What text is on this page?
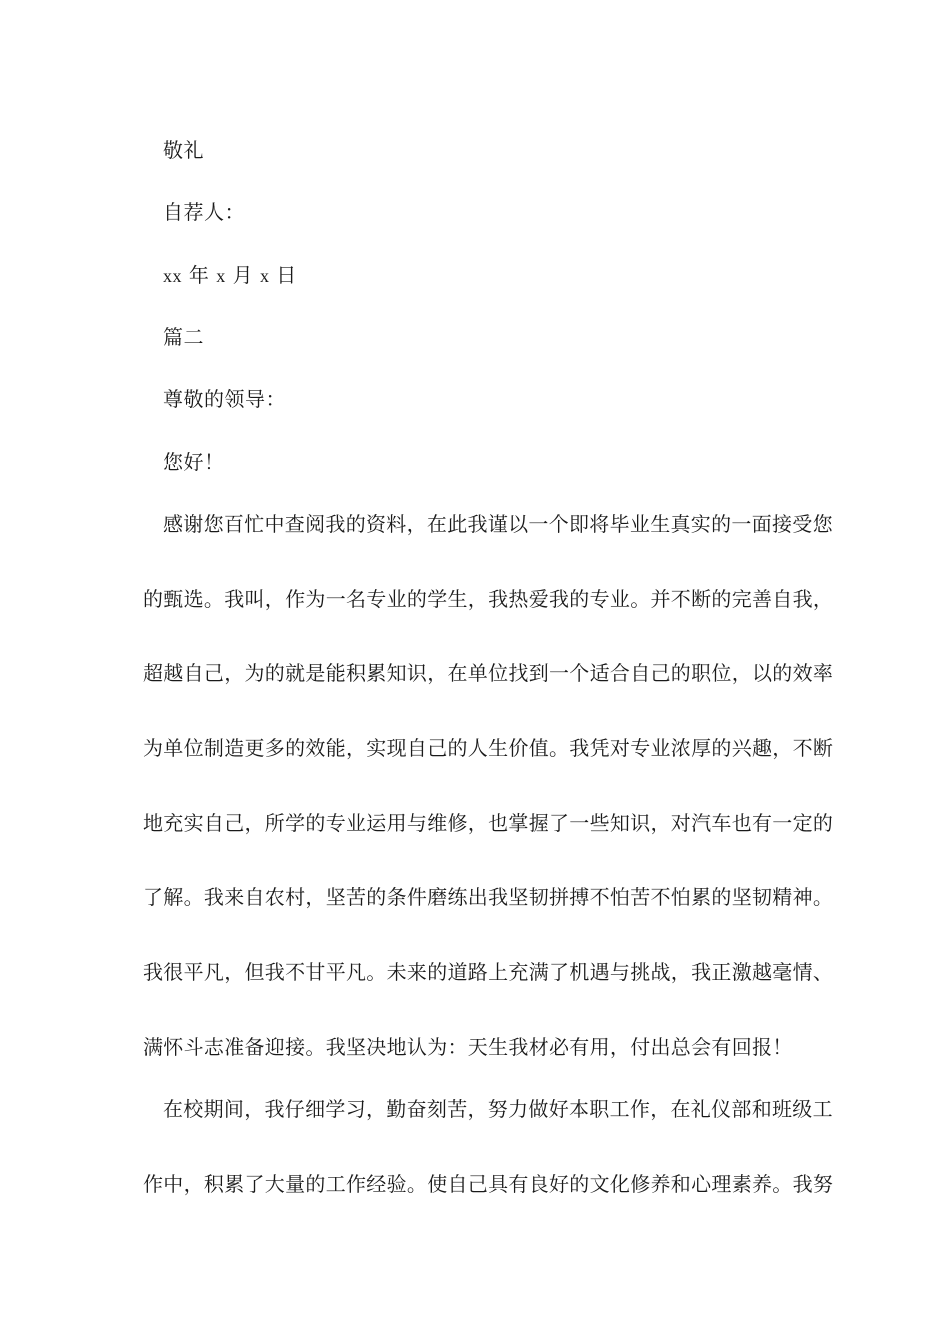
敬礼
自荐人：
xx 年 x 月 x 日
篇二
尊敬的领导：
您好！
感谢您百忙中查阅我的资料，在此我谨以一个即将毕业生真实的一面接受您
的甄选。我叫，作为一名专业的学生，我热爱我的专业。并不断的完善自我，
超越自己，为的就是能积累知识，在单位找到一个适合自己的职位，以的效率
为单位制造更多的效能，实现自己的人生价值。我凭对专业浓厚的兴趣，不断
地充实自己，所学的专业运用与维修，也掌握了一些知识，对汽车也有一定的
了解。我来自农村，坚苦的条件磨练出我坚韧拼搏不怕苦不怕累的坚韧精神。
我很平凡，但我不甘平凡。未来的道路上充满了机遇与挑战，我正激越毫情、
满怀斗志准备迎接。我坚决地认为：天生我材必有用，付出总会有回报！
在校期间，我仔细学习，勤奋刻苦，努力做好本职工作，在礼仪部和班级工
作中，积累了大量的工作经验。使自己具有良好的文化修养和心理素养。我努
